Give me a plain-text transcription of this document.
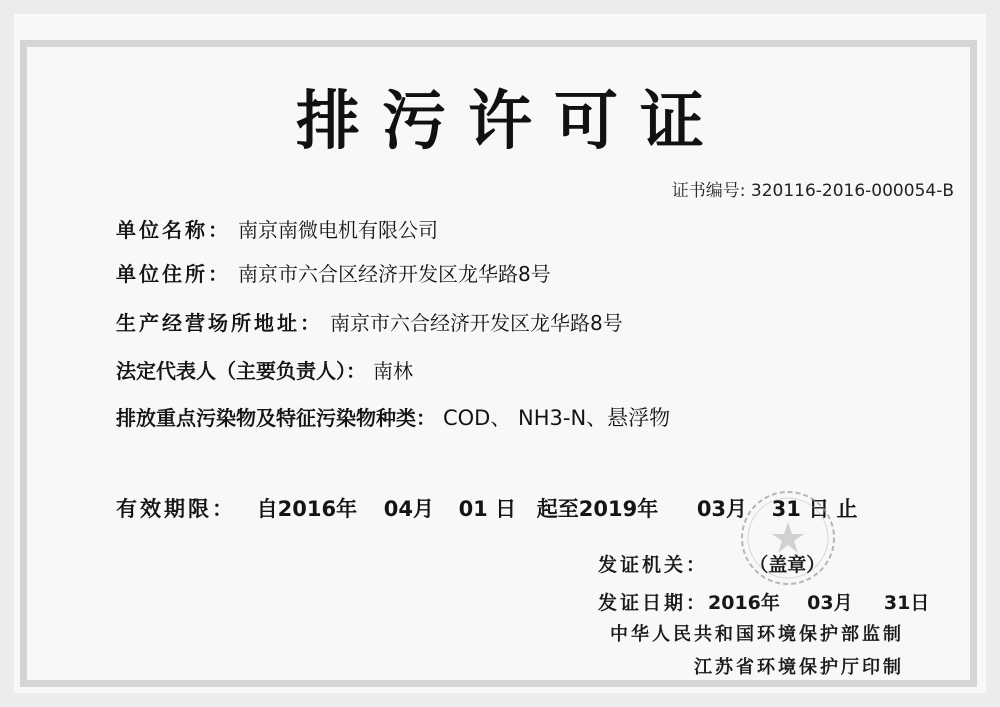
排污许可证
证书编号: 320116-2016-000054-B
单位名称： 南京南微电机有限公司
单位住所： 南京市六合区经济开发区龙华路8号
生产经营场所地址： 南京市六合经济开发区龙华路8号
法定代表人（主要负责人）： 南林
排放重点污染物及特征污染物种类： COD、 NH3-N、悬浮物
有效期限： 自2016年 04月 01 日 起至2019年 03月 31 日 止
发证机关： （盖章）
发证日期：2016年 03月 31日
中华人民共和国环境保护部监制
江苏省环境保护厅印制
